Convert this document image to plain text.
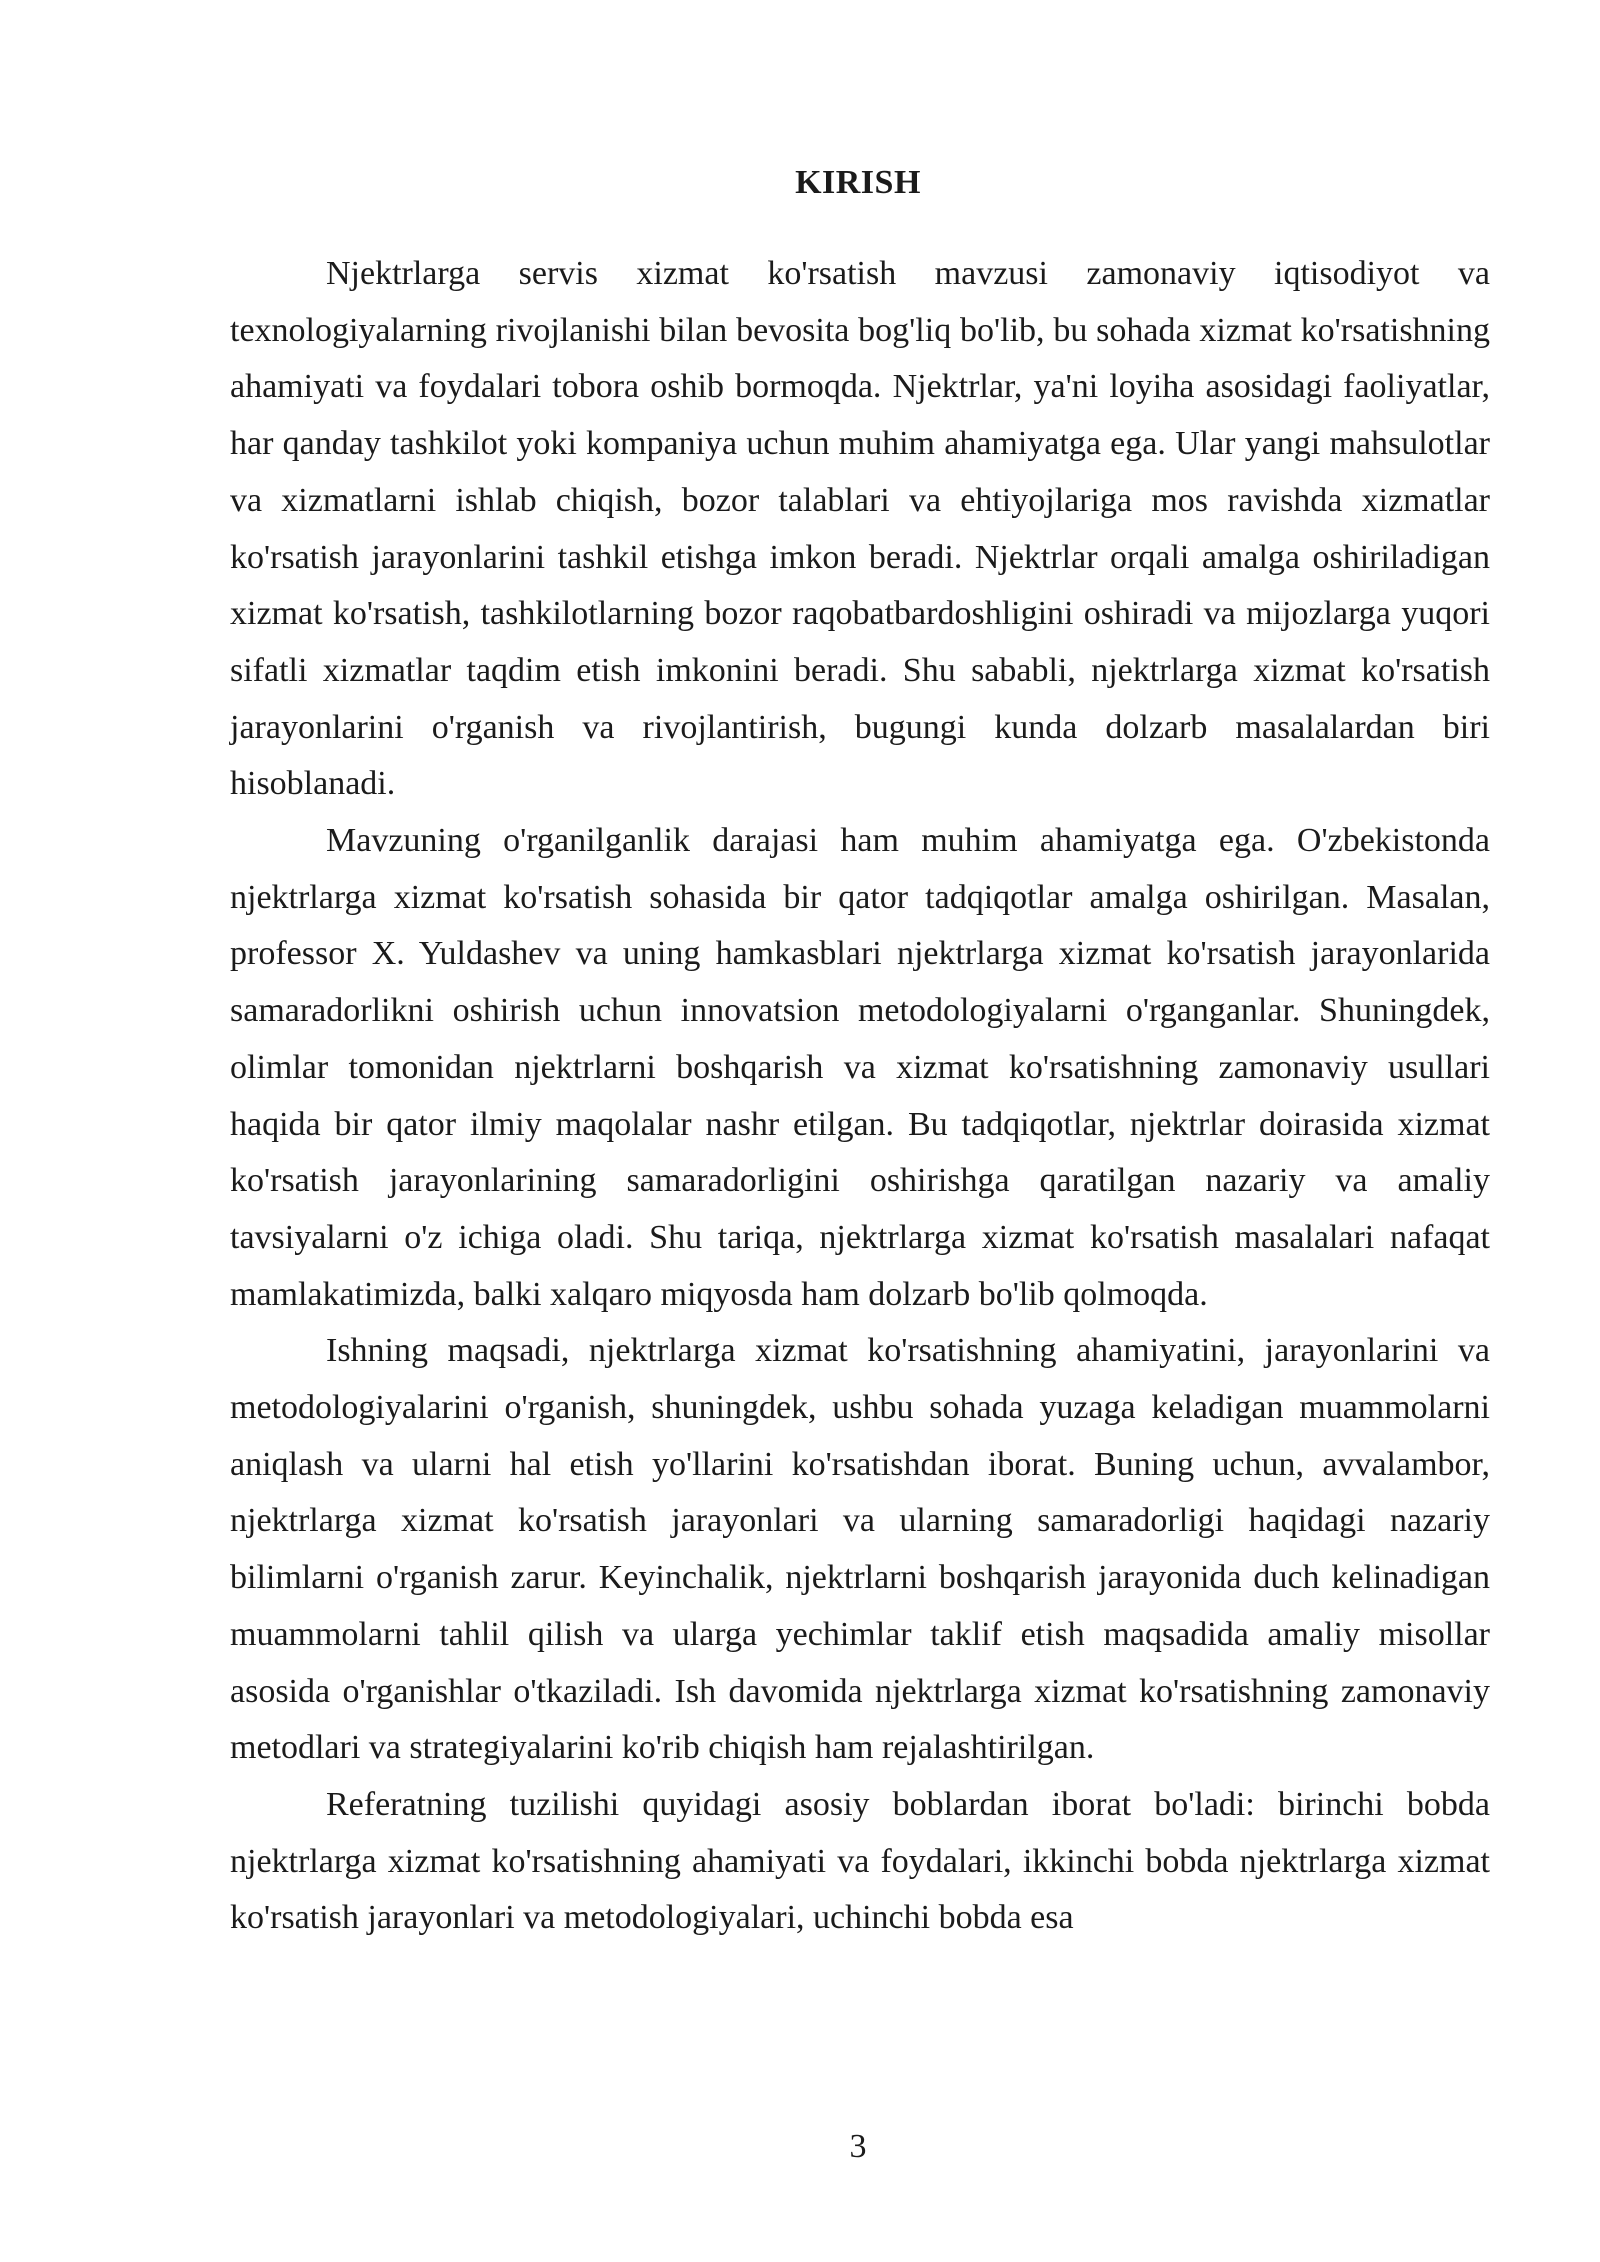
KIRISH

Njektrlarga servis xizmat ko'rsatish mavzusi zamonaviy iqtisodiyot va texnologiyalarning rivojlanishi bilan bevosita bog'liq bo'lib, bu sohada xizmat ko'rsatishning ahamiyati va foydalari tobora oshib bormoqda. Njektrlar, ya'ni loyiha asosidagi faoliyatlar, har qanday tashkilot yoki kompaniya uchun muhim ahamiyatga ega. Ular yangi mahsulotlar va xizmatlarni ishlab chiqish, bozor talablari va ehtiyojlariga mos ravishda xizmatlar ko'rsatish jarayonlarini tashkil etishga imkon beradi. Njektrlar orqali amalga oshiriladigan xizmat ko'rsatish, tashkilotlarning bozor raqobatbardoshligini oshiradi va mijozlarga yuqori sifatli xizmatlar taqdim etish imkonini beradi. Shu sababli, njektrlarga xizmat ko'rsatish jarayonlarini o'rganish va rivojlantirish, bugungi kunda dolzarb masalalardan biri hisoblanadi.

Mavzuning o'rganilganlik darajasi ham muhim ahamiyatga ega. O'zbekistonda njektrlarga xizmat ko'rsatish sohasida bir qator tadqiqotlar amalga oshirilgan. Masalan, professor X. Yuldashev va uning hamkasblari njektrlarga xizmat ko'rsatish jarayonlarida samaradorlikni oshirish uchun innovatsion metodologiyalarni o'rganganlar. Shuningdek, olimlar tomonidan njektrlarni boshqarish va xizmat ko'rsatishning zamonaviy usullari haqida bir qator ilmiy maqolalar nashr etilgan. Bu tadqiqotlar, njektrlar doirasida xizmat ko'rsatish jarayonlarining samaradorligini oshirishga qaratilgan nazariy va amaliy tavsiyalarni o'z ichiga oladi. Shu tariqa, njektrlarga xizmat ko'rsatish masalalari nafaqat mamlakatimizda, balki xalqaro miqyosda ham dolzarb bo'lib qolmoqda.

Ishning maqsadi, njektrlarga xizmat ko'rsatishning ahamiyatini, jarayonlarini va metodologiyalarini o'rganish, shuningdek, ushbu sohada yuzaga keladigan muammolarni aniqlash va ularni hal etish yo'llarini ko'rsatishdan iborat. Buning uchun, avvalambor, njektrlarga xizmat ko'rsatish jarayonlari va ularning samaradorligi haqidagi nazariy bilimlarni o'rganish zarur. Keyinchalik, njektrlarni boshqarish jarayonida duch kelinadigan muammolarni tahlil qilish va ularga yechimlar taklif etish maqsadida amaliy misollar asosida o'rganishlar o'tkaziladi. Ish davomida njektrlarga xizmat ko'rsatishning zamonaviy metodlari va strategiyalarini ko'rib chiqish ham rejalashtirilgan.

Referatning tuzilishi quyidagi asosiy boblardan iborat bo'ladi: birinchi bobda njektrlarga xizmat ko'rsatishning ahamiyati va foydalari, ikkinchi bobda njektrlarga xizmat ko'rsatish jarayonlari va metodologiyalari, uchinchi bobda esa

3
